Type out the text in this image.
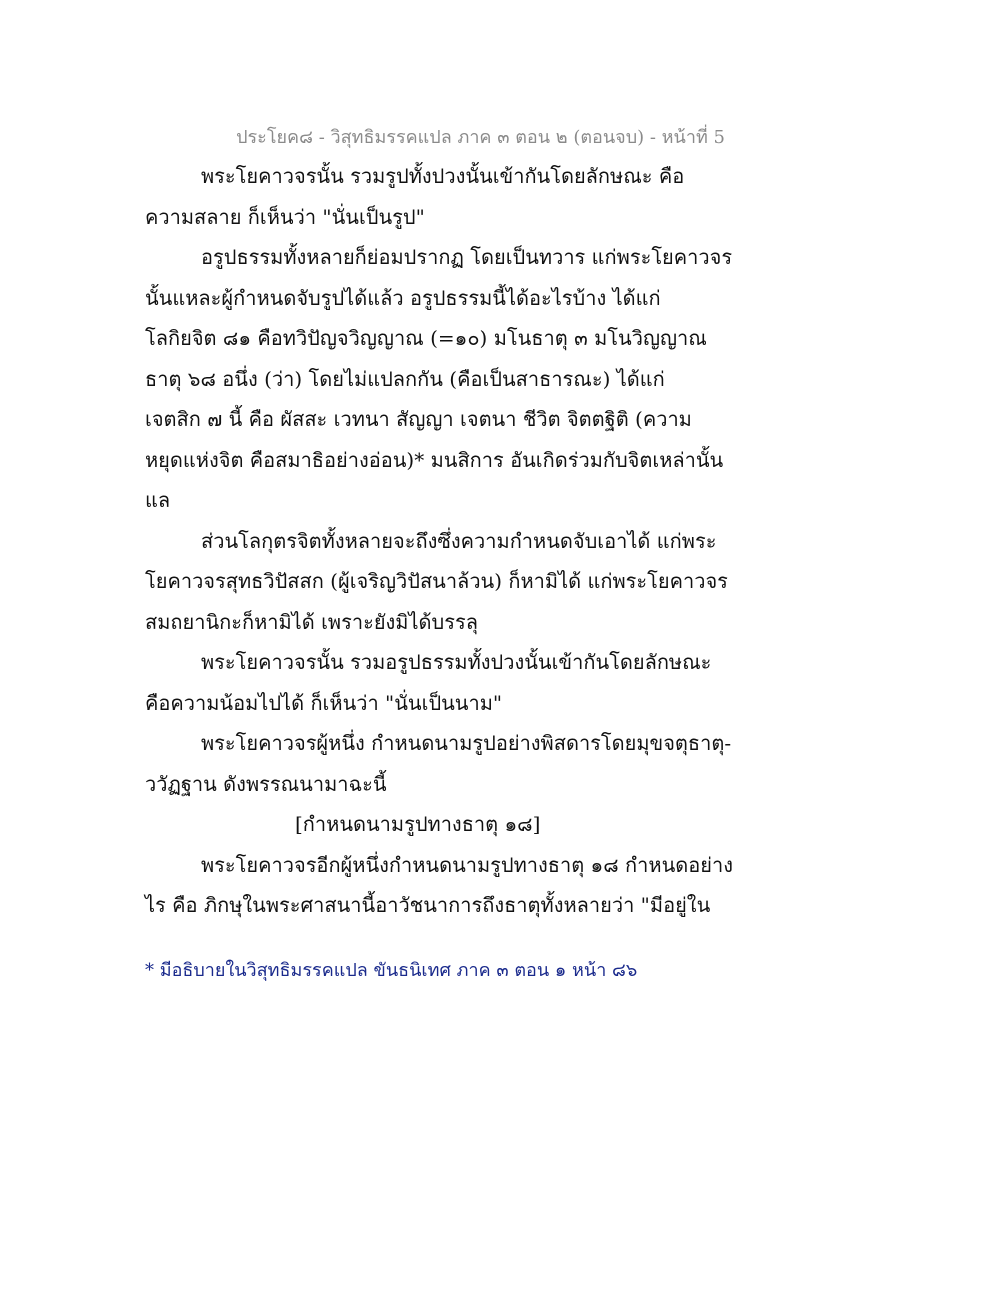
ประโยค๘ - วิสุทธิมรรคแปล ภาค ๓ ตอน ๒ (ตอนจบ) - หน้าที่ 5
พระโยคาวจรนั้น รวมรูปทั้งปวงนั้นเข้ากันโดยลักษณะ คือ
ความสลาย ก็เห็นว่า "นั่นเป็นรูป"
อรูปธรรมทั้งหลายก็ย่อมปรากฏ โดยเป็นทวาร แก่พระโยคาวจร
นั้นแหละผู้กำหนดจับรูปได้แล้ว อรูปธรรมนี้ได้อะไรบ้าง ได้แก่
โลกิยจิต ๘๑ คือทวิปัญจวิญญาณ (=๑๐) มโนธาตุ ๓ มโนวิญญาณ
ธาตุ ๖๘ อนึ่ง (ว่า) โดยไม่แปลกกัน (คือเป็นสาธารณะ) ได้แก่
เจตสิก ๗ นี้ คือ ผัสสะ เวทนา สัญญา เจตนา ชีวิต จิตตฐิติ (ความ
หยุดแห่งจิต คือสมาธิอย่างอ่อน)* มนสิการ อันเกิดร่วมกับจิตเหล่านั้น
แล
ส่วนโลกุตรจิตทั้งหลายจะถึงซึ่งความกำหนดจับเอาได้ แก่พระ
โยคาวจรสุทธวิปัสสก (ผู้เจริญวิปัสนาล้วน) ก็หามิได้ แก่พระโยคาวจร
สมถยานิกะก็หามิได้ เพราะยังมิได้บรรลุ
พระโยคาวจรนั้น รวมอรูปธรรมทั้งปวงนั้นเข้ากันโดยลักษณะ
คือความน้อมไปได้ ก็เห็นว่า "นั่นเป็นนาม"
พระโยคาวจรผู้หนึ่ง กำหนดนามรูปอย่างพิสดารโดยมุขจตุธาตุ-
ววัฏฐาน ดังพรรณนามาฉะนี้
[กำหนดนามรูปทางธาตุ ๑๘]
พระโยคาวจรอีกผู้หนึ่งกำหนดนามรูปทางธาตุ ๑๘ กำหนดอย่าง
ไร คือ ภิกษุในพระศาสนานี้อาวัชนาการถึงธาตุทั้งหลายว่า "มีอยู่ใน
* มีอธิบายในวิสุทธิมรรคแปล ขันธนิเทศ ภาค ๓ ตอน ๑ หน้า ๘๖
